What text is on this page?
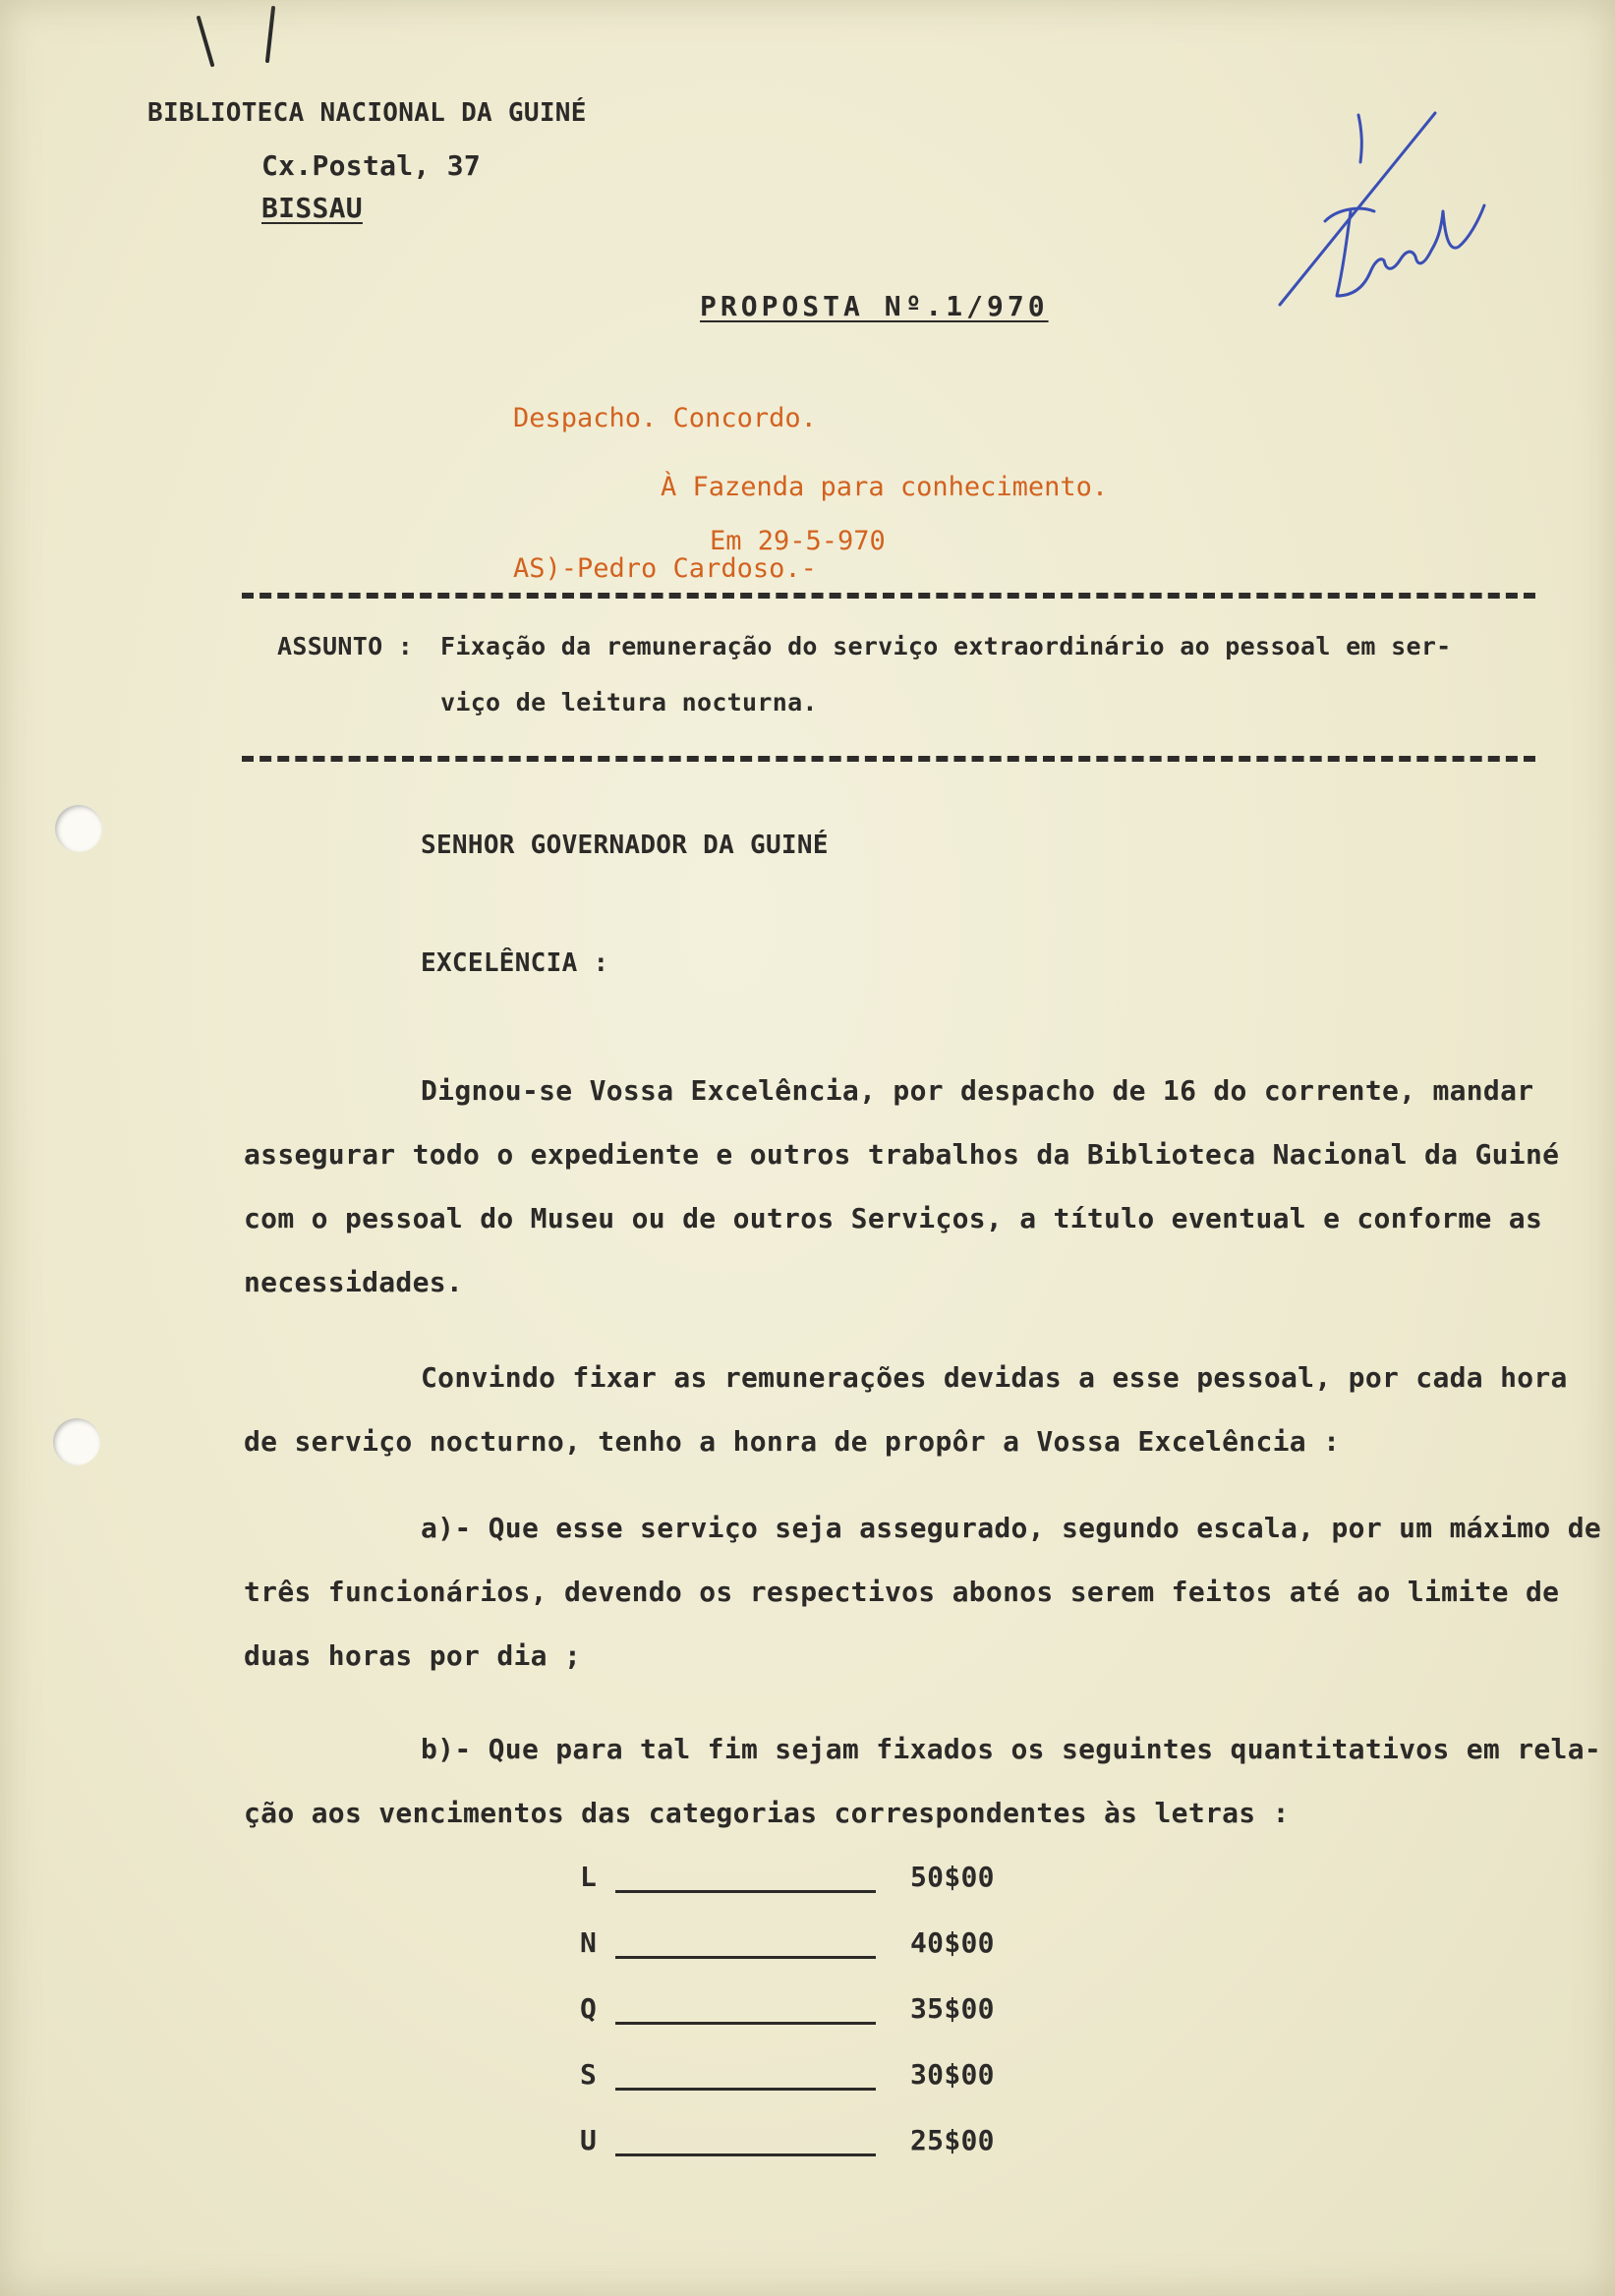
BIBLIOTECA NACIONAL DA GUINÉ

Cx.Postal, 37

BISSAU

PROPOSTA Nº.1/970

Despacho. Concordo.

À Fazenda para conhecimento.

Em 29-5-970

AS)-Pedro Cardoso.-

ASSUNTO : Fixação da remuneração do serviço extraordinário ao pessoal em ser-

viço de leitura nocturna.

SENHOR GOVERNADOR DA GUINÉ

EXCELÊNCIA :

Dignou-se Vossa Excelência, por despacho de 16 do corrente, mandar

assegurar todo o expediente e outros trabalhos da Biblioteca Nacional da Guiné

com o pessoal do Museu ou de outros Serviços, a título eventual e conforme as

necessidades.

Convindo fixar as remunerações devidas a esse pessoal, por cada hora

de serviço nocturno, tenho a honra de propôr a Vossa Excelência :

a)- Que esse serviço seja assegurado, segundo escala, por um máximo de

três funcionários, devendo os respectivos abonos serem feitos até ao limite de

duas horas por dia ;

b)- Que para tal fim sejam fixados os seguintes quantitativos em rela-

ção aos vencimentos das categorias correspondentes às letras :

L	50$00
N	40$00
Q	35$00
S	30$00
U	25$00
